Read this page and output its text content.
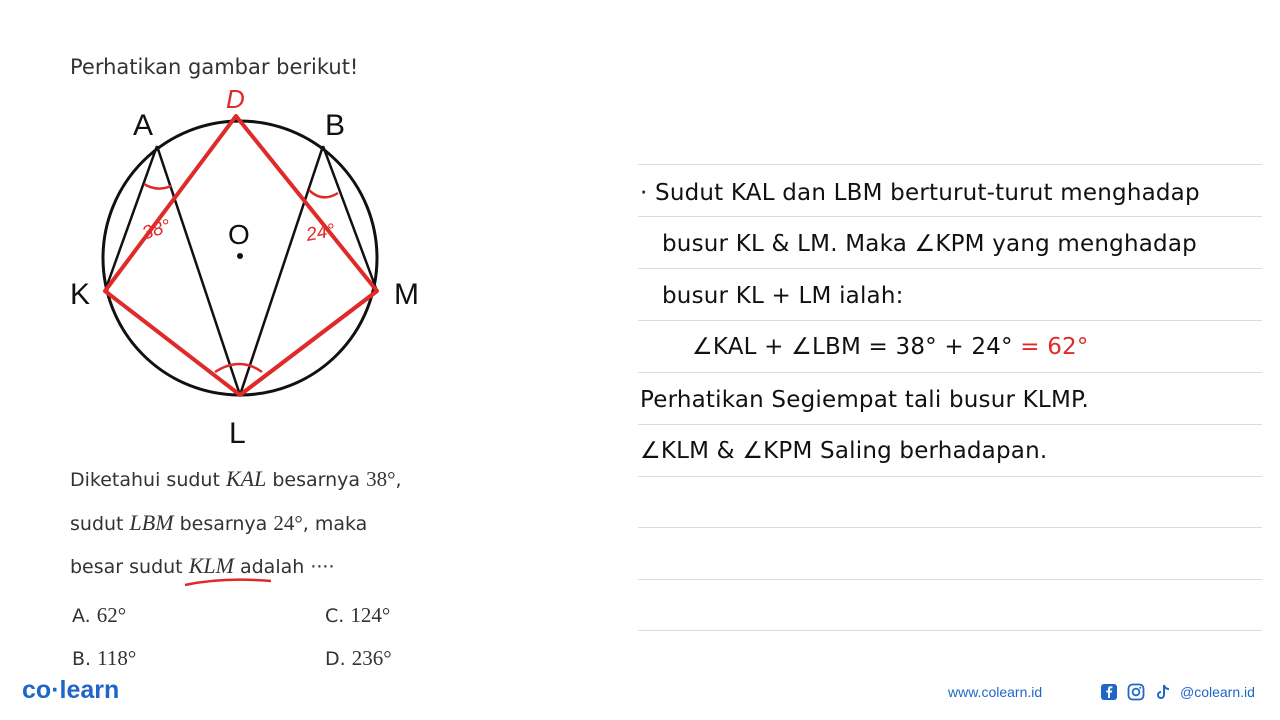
Perhatikan gambar berikut!
A	B
D
O
K	M
L
38°	24°
Diketahui sudut KAL besarnya 38°,
sudut LBM besarnya 24°, maka
besar sudut KLM
adalah ····
A. 62°	C. 124°
B. 118°	D. 236°
· Sudut KAL dan LBM berturut-turut menghadap
busur KL & LM. Maka ∠KPM yang menghadap
busur KL + LM ialah:
∠KAL + ∠LBM = 38° + 24° = 62°
Perhatikan Segiempat tali busur KLMP.
∠KLM & ∠KPM Saling berhadapan.
co·learn	www.colearn.id	@colearn.id
